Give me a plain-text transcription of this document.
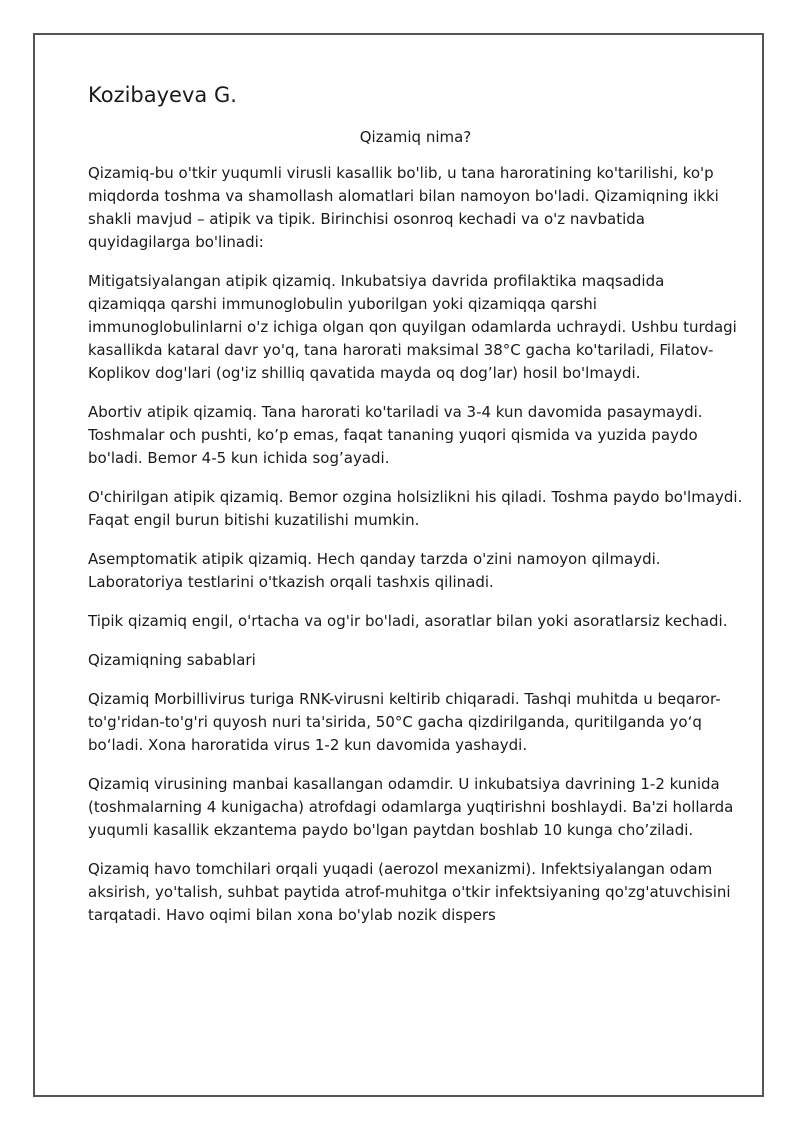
Kozibayeva G.
Qizamiq nima?

Qizamiq-bu o'tkir yuqumli virusli kasallik bo'lib, u tana haroratining ko'tarilishi, ko'p miqdorda toshma va shamollash alomatlari bilan namoyon bo'ladi. Qizamiqning ikki shakli mavjud – atipik va tipik. Birinchisi osonroq kechadi va o'z navbatida quyidagilarga bo'linadi:

Mitigatsiyalangan atipik qizamiq. Inkubatsiya davrida profilaktika maqsadida qizamiqqa qarshi immunoglobulin yuborilgan yoki qizamiqqa qarshi immunoglobulinlarni o'z ichiga olgan qon quyilgan odamlarda uchraydi. Ushbu turdagi kasallikda kataral davr yo'q, tana harorati maksimal 38°C gacha ko'tariladi, Filatov-Koplikov dog'lari (og'iz shilliq qavatida mayda oq dog’lar) hosil bo'lmaydi.

Abortiv atipik qizamiq. Tana harorati ko'tariladi va 3-4 kun davomida pasaymaydi. Toshmalar och pushti, ko’p emas, faqat tananing yuqori qismida va yuzida paydo bo'ladi. Bemor 4-5 kun ichida sog’ayadi.

O'chirilgan atipik qizamiq. Bemor ozgina holsizlikni his qiladi. Toshma paydo bo'lmaydi. Faqat engil burun bitishi kuzatilishi mumkin.

Asemptomatik atipik qizamiq. Hech qanday tarzda o'zini namoyon qilmaydi. Laboratoriya testlarini o'tkazish orqali tashxis qilinadi.

Tipik qizamiq engil, o'rtacha va og'ir bo'ladi, asoratlar bilan yoki asoratlarsiz kechadi.

Qizamiqning sabablari

Qizamiq Morbillivirus turiga RNK-virusni keltirib chiqaradi. Tashqi muhitda u beqaror-to'g'ridan-to'g'ri quyosh nuri ta'sirida, 50°C gacha qizdirilganda, quritilganda yo‘q bo‘ladi. Xona haroratida virus 1-2 kun davomida yashaydi.

Qizamiq virusining manbai kasallangan odamdir. U inkubatsiya davrining 1-2 kunida (toshmalarning 4 kunigacha) atrofdagi odamlarga yuqtirishni boshlaydi. Ba'zi hollarda yuqumli kasallik ekzantema paydo bo'lgan paytdan boshlab 10 kunga cho’ziladi.

Qizamiq havo tomchilari orqali yuqadi (aerozol mexanizmi). Infektsiyalangan odam aksirish, yo'talish, suhbat paytida atrof-muhitga o'tkir infektsiyaning qo'zg'atuvchisini tarqatadi. Havo oqimi bilan xona bo'ylab nozik dispers
